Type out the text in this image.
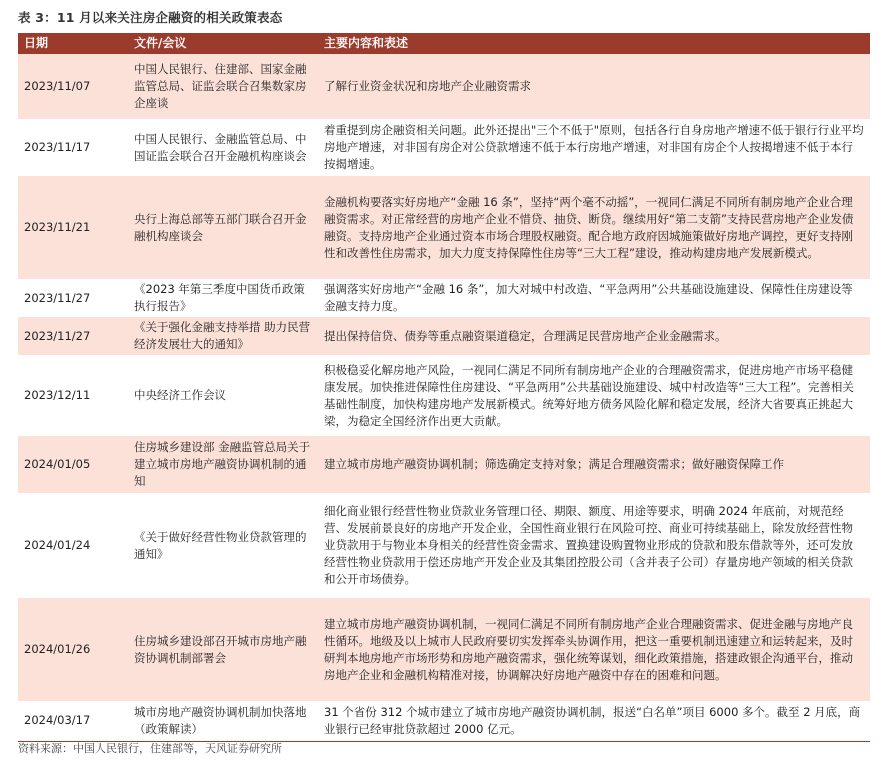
表 3：11 月以来关注房企融资的相关政策表态
日期	文件/会议	主要内容和表述
2023/11/07	中国人民银行、住建部、国家金融监管总局、证监会联合召集数家房企座谈	了解行业资金状况和房地产企业融资需求
2023/11/17	中国人民银行、金融监管总局、中国证监会联合召开金融机构座谈会	着重提到房企融资相关问题。此外还提出"三个不低于"原则，包括各行自身房地产增速不低于银行行业平均房地产增速，对非国有房企对公贷款增速不低于本行房地产增速，对非国有房企个人按揭增速不低于本行按揭增速。
2023/11/21	央行上海总部等五部门联合召开金融机构座谈会	金融机构要落实好房地产“金融 16 条”，坚持“两个毫不动摇”，一视同仁满足不同所有制房地产企业合理融资需求。对正常经营的房地产企业不惜贷、抽贷、断贷。继续用好“第二支箭”支持民营房地产企业发债融资。支持房地产企业通过资本市场合理股权融资。配合地方政府因城施策做好房地产调控，更好支持刚性和改善性住房需求，加大力度支持保障性住房等“三大工程”建设，推动构建房地产发展新模式。
2023/11/27	《2023 年第三季度中国货币政策执行报告》	强调落实好房地产“金融 16 条”，加大对城中村改造、“平急两用”公共基础设施建设、保障性住房建设等金融支持力度。
2023/11/27	《关于强化金融支持举措 助力民营经济发展壮大的通知》	提出保持信贷、债券等重点融资渠道稳定，合理满足民营房地产企业金融需求。
2023/12/11	中央经济工作会议	积极稳妥化解房地产风险，一视同仁满足不同所有制房地产企业的合理融资需求，促进房地产市场平稳健康发展。加快推进保障性住房建设、“平急两用”公共基础设施建设、城中村改造等“三大工程”。完善相关基础性制度，加快构建房地产发展新模式。统筹好地方债务风险化解和稳定发展，经济大省要真正挑起大梁，为稳定全国经济作出更大贡献。
2024/01/05	住房城乡建设部 金融监管总局关于建立城市房地产融资协调机制的通知	建立城市房地产融资协调机制；筛选确定支持对象；满足合理融资需求；做好融资保障工作
2024/01/24	《关于做好经营性物业贷款管理的通知》	细化商业银行经营性物业贷款业务管理口径、期限、额度、用途等要求，明确 2024 年底前，对规范经营、发展前景良好的房地产开发企业，全国性商业银行在风险可控、商业可持续基础上，除发放经营性物业贷款用于与物业本身相关的经营性资金需求、置换建设购置物业形成的贷款和股东借款等外，还可发放经营性物业贷款用于偿还房地产开发企业及其集团控股公司（含并表子公司）存量房地产领域的相关贷款和公开市场债券。
2024/01/26	住房城乡建设部召开城市房地产融资协调机制部署会	建立城市房地产融资协调机制，一视同仁满足不同所有制房地产企业合理融资需求、促进金融与房地产良性循环。地级及以上城市人民政府要切实发挥牵头协调作用，把这一重要机制迅速建立和运转起来，及时研判本地房地产市场形势和房地产融资需求，强化统筹谋划，细化政策措施，搭建政银企沟通平台，推动房地产企业和金融机构精准对接，协调解决好房地产融资中存在的困难和问题。
2024/03/17	城市房地产融资协调机制加快落地（政策解读）	31 个省份 312 个城市建立了城市房地产融资协调机制，报送“白名单”项目 6000 多个。截至 2 月底，商业银行已经审批贷款超过 2000 亿元。
资料来源：中国人民银行，住建部等，天风证券研究所
